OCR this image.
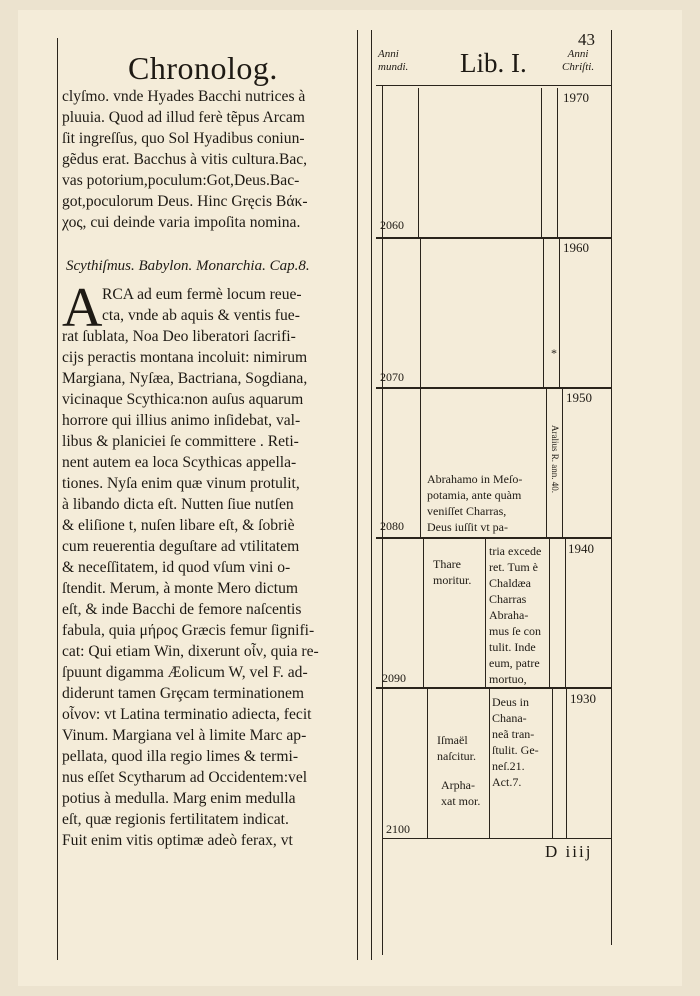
Chronolog.
clyſmo. vnde Hyades Bacchi nutrices à
pluuia. Quod ad illud ferè tẽpus Arcam
ſit ingreſſus, quo Sol Hyadibus coniun-
gẽdus erat. Bacchus à vitis cultura.Bac,
vas potorium,poculum:Got,Deus.Bac-
got,poculorum Deus. Hinc Gręcis Βάκ-
χος, cui deinde varia impoſita nomina.
Scythiſmus. Babylon. Monarchia. Cap.8.
A RCA ad eum fermè locum reue-
cta, vnde ab aquis & ventis fue-
rat ſublata, Noa Deo liberatori ſacrifi-
cijs peractis montana incoluit: nimirum
Margiana, Nyſæa, Bactriana, Sogdiana,
vicinaque Scythica:non auſus aquarum
horrore qui illius animo inſidebat, val-
libus & planiciei ſe committere . Reti-
nent autem ea loca Scythicas appella-
tiones. Nyſa enim quæ vinum protulit,
à libando dicta eſt. Nutten ſiue nutſen
& eliſione t, nuſen libare eſt, & ſobriè
cum reuerentia deguſtare ad vtilitatem
& neceſſitatem, id quod vſum vini o-
ſtendit. Merum, à monte Mero dictum
eſt, & inde Bacchi de femore naſcentis
fabula, quia μήρος Græcis femur ſignifi-
cat: Qui etiam Win, dixerunt οἶν, quia re-
ſpuunt digamma Æolicum W, vel F. ad-
diderunt tamen Grȩcam terminationem
οἶνον: vt Latina terminatio adiecta, fecit
Vinum. Margiana vel à limite Marc ap-
pellata, quod illa regio limes & termi-
nus eſſet Scytharum ad Occidentem:vel
potius à medulla. Marg enim medulla
eſt, quæ regionis fertilitatem indicat.
Fuit enim vitis optimæ adeò ferax, vt
43
Anni
mundi. Lib. I.	Anni
Chriſti.
1970
2060
1960
2070
*
1950
2080
Aralius R. ann. 40.
Abrahamo in Meſo-
potamia, ante quàm
veniſſet Charras,
Deus iuſſit vt pa-
1940
2090
Thare
moritur.
tria excede
ret. Tum è
Chaldæa
Charras
Abraha-
mus ſe con
tulit. Inde
eum, patre
mortuo,
1930
2100
Iſmaël
naſcitur.
Arpha-
xat mor.
Deus in
Chana-
neã tran-
ſtulit. Ge-
neſ.21.
Act.7.
D iiij
